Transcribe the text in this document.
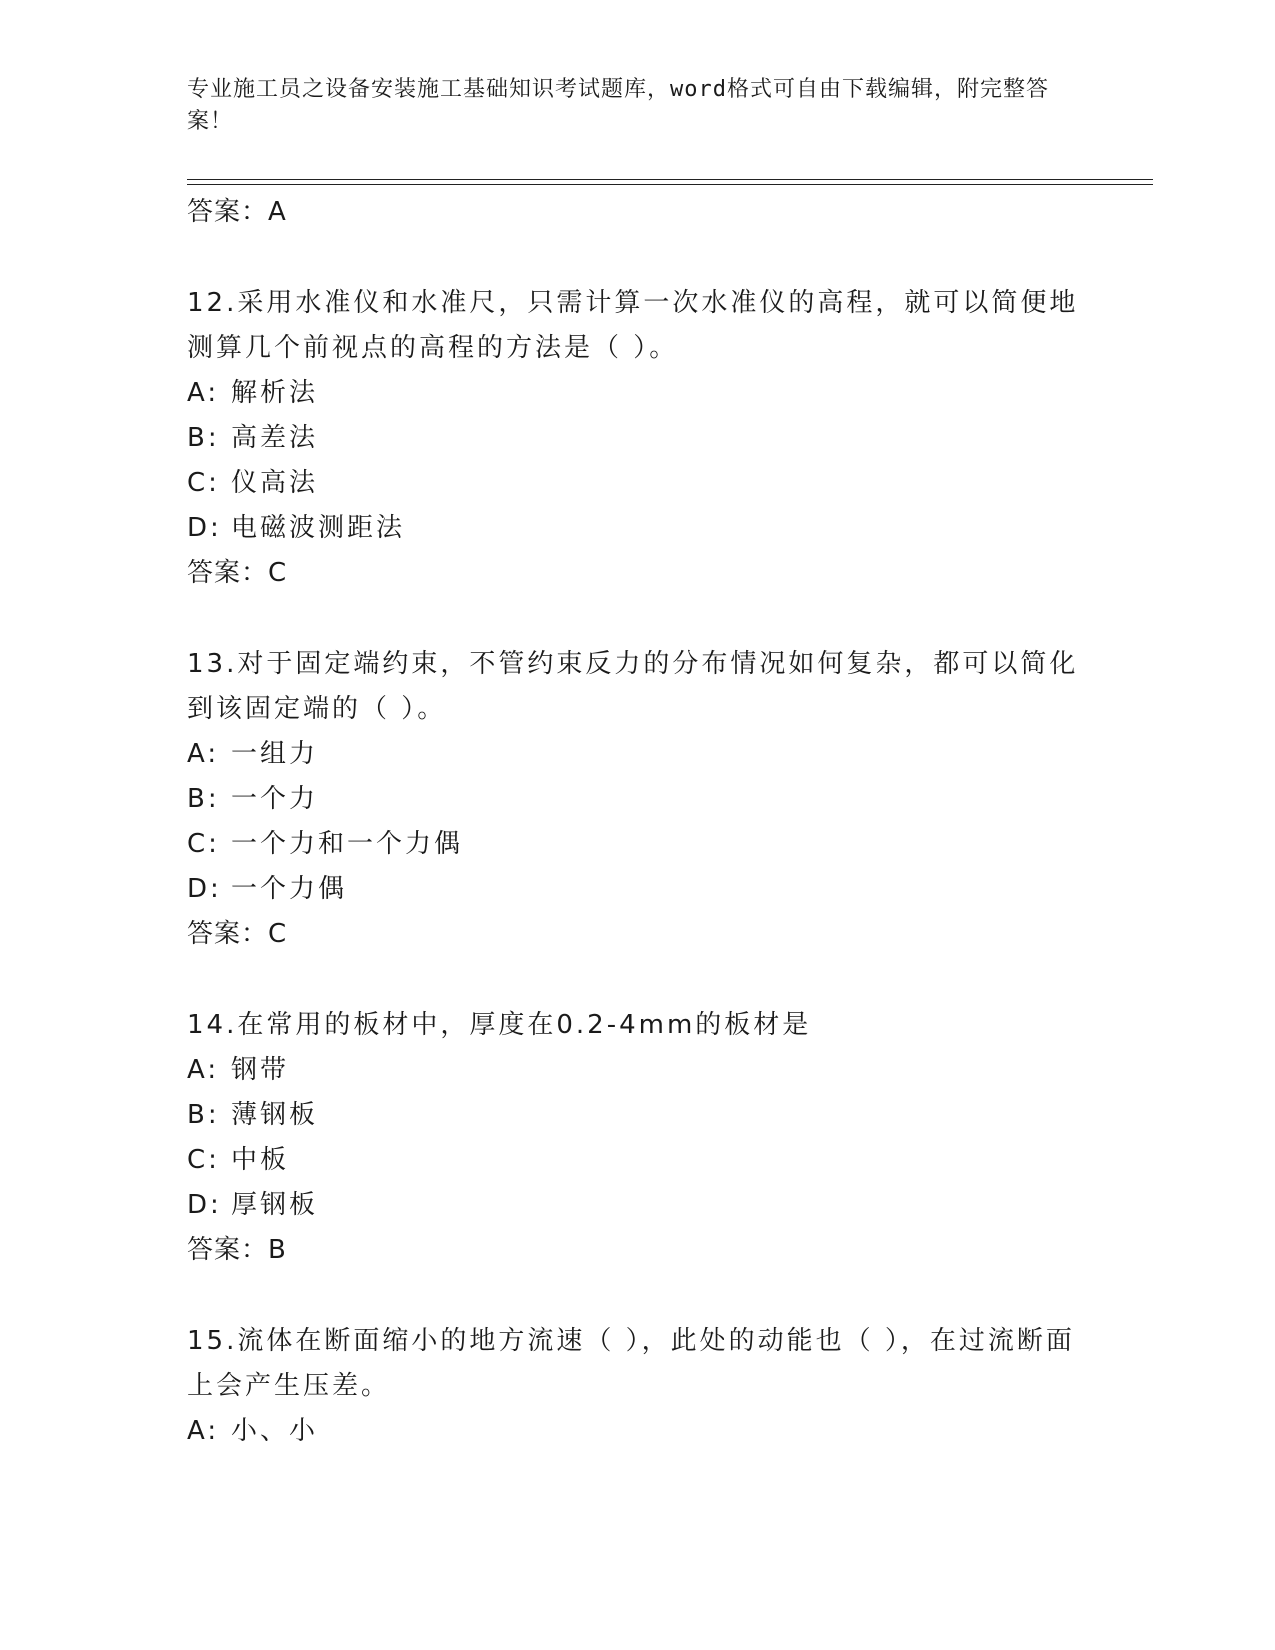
专业施工员之设备安装施工基础知识考试题库，word格式可自由下载编辑，附完整答案！
答案：A
12.采用水准仪和水准尺，只需计算一次水准仪的高程，就可以简便地测算几个前视点的高程的方法是（ ）。
A: 解析法
B: 高差法
C: 仪高法
D: 电磁波测距法
答案：C
13.对于固定端约束，不管约束反力的分布情况如何复杂，都可以简化到该固定端的（ ）。
A: 一组力
B: 一个力
C: 一个力和一个力偶
D: 一个力偶
答案：C
14.在常用的板材中，厚度在0.2-4mm的板材是
A: 钢带
B: 薄钢板
C: 中板
D: 厚钢板
答案：B
15.流体在断面缩小的地方流速（ ），此处的动能也（ ），在过流断面上会产生压差。
A: 小、小
